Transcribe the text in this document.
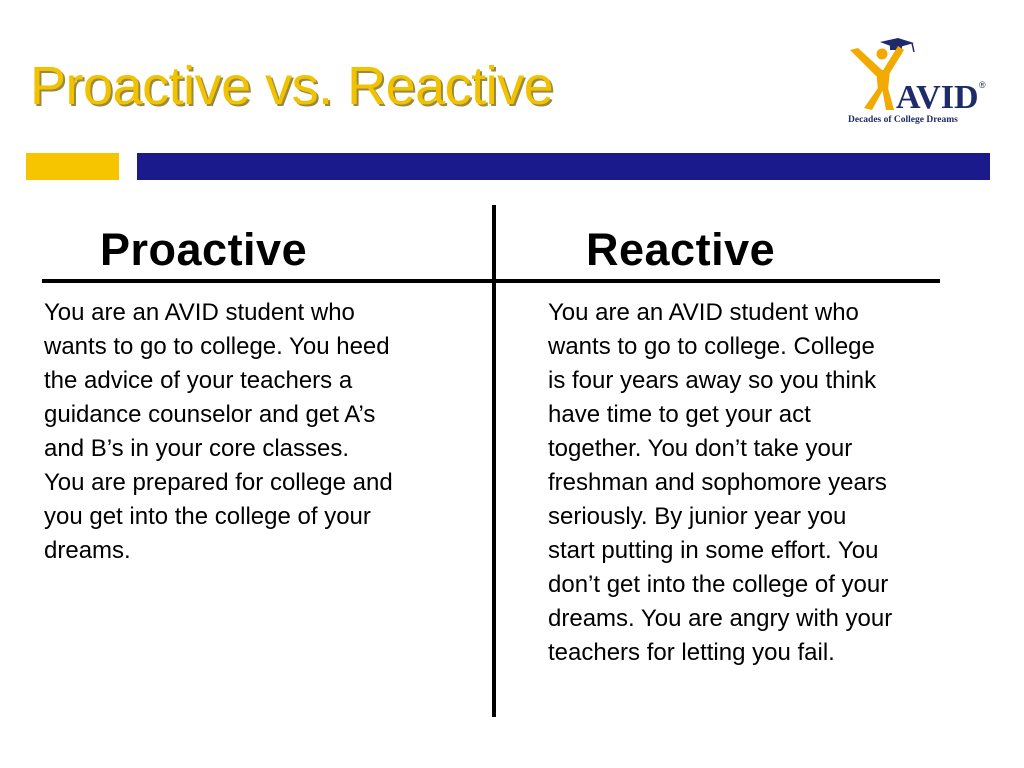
Proactive vs. Reactive	AVID ®
Decades of College Dreams
Proactive	Reactive
You are an AVID student who
wants to go to college. You heed
the advice of your teachers a
guidance counselor and get A’s
and B’s in your core classes.
You are prepared for college and
you get into the college of your
dreams.
You are an AVID student who
wants to go to college. College
is four years away so you think
have time to get your act
together. You don’t take your
freshman and sophomore years
seriously. By junior year you
start putting in some effort. You
don’t get into the college of your
dreams. You are angry with your
teachers for letting you fail.
